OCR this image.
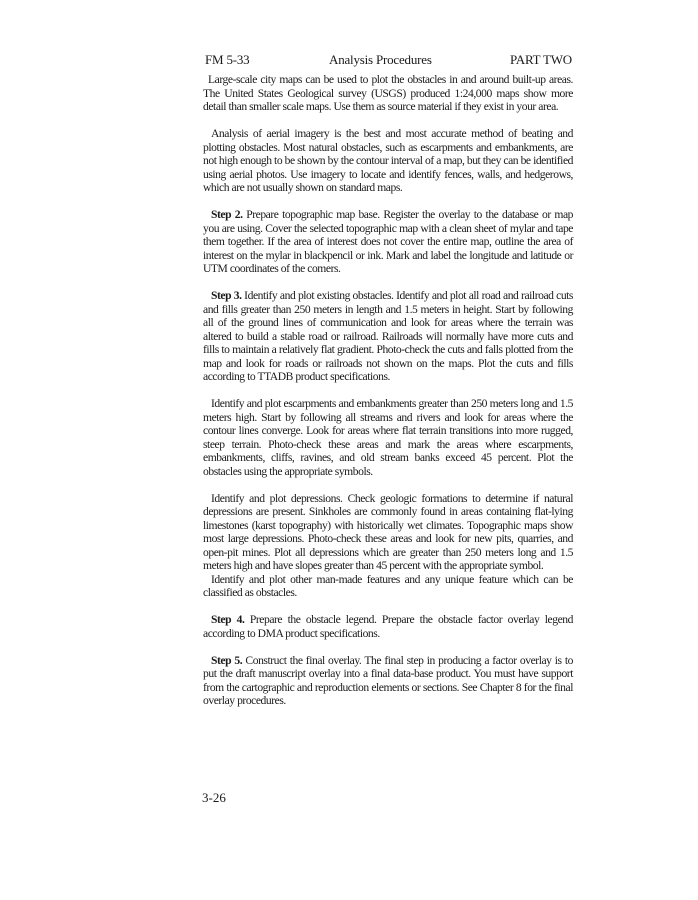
FM 5-33	Analysis Procedures	PART TWO

Large-scale city maps can be used to plot the obstacles in and around built-up areas. The United States Geological survey (USGS) produced 1:24,000 maps show more detail than smaller scale maps. Use them as source material if they exist in your area.

Analysis of aerial imagery is the best and most accurate method of beating and plotting obstacles. Most natural obstacles, such as escarpments and embankments, are not high enough to be shown by the contour interval of a map, but they can be identified using aerial photos. Use imagery to locate and identify fences, walls, and hedgerows, which are not usually shown on standard maps.

Step 2. Prepare topographic map base. Register the overlay to the database or map you are using. Cover the selected topographic map with a clean sheet of mylar and tape them together. If the area of interest does not cover the entire map, outline the area of interest on the mylar in blackpencil or ink. Mark and label the longitude and latitude or UTM coordinates of the comers.

Step 3. Identify and plot existing obstacles. Identify and plot all road and railroad cuts and fills greater than 250 meters in length and 1.5 meters in height. Start by following all of the ground lines of communication and look for areas where the terrain was altered to build a stable road or railroad. Railroads will normally have more cuts and fills to maintain a relatively flat gradient. Photo-check the cuts and falls plotted from the map and look for roads or railroads not shown on the maps. Plot the cuts and fills according to TTADB product specifications.

Identify and plot escarpments and embankments greater than 250 meters long and 1.5 meters high. Start by following all streams and rivers and look for areas where the contour lines converge. Look for areas where flat terrain transitions into more rugged, steep terrain. Photo-check these areas and mark the areas where escarpments, embankments, cliffs, ravines, and old stream banks exceed 45 percent. Plot the obstacles using the appropriate symbols.

Identify and plot depressions. Check geologic formations to determine if natural depressions are present. Sinkholes are commonly found in areas containing flat-lying limestones (karst topography) with historically wet climates. Topographic maps show most large depressions. Photo-check these areas and look for new pits, quarries, and open-pit mines. Plot all depressions which are greater than 250 meters long and 1.5 meters high and have slopes greater than 45 percent with the appropriate symbol.

Identify and plot other man-made features and any unique feature which can be classified as obstacles.

Step 4. Prepare the obstacle legend. Prepare the obstacle factor overlay legend according to DMA product specifications.

Step 5. Construct the final overlay. The final step in producing a factor overlay is to put the draft manuscript overlay into a final data-base product. You must have support from the cartographic and reproduction elements or sections. See Chapter 8 for the final overlay procedures.

3-26
